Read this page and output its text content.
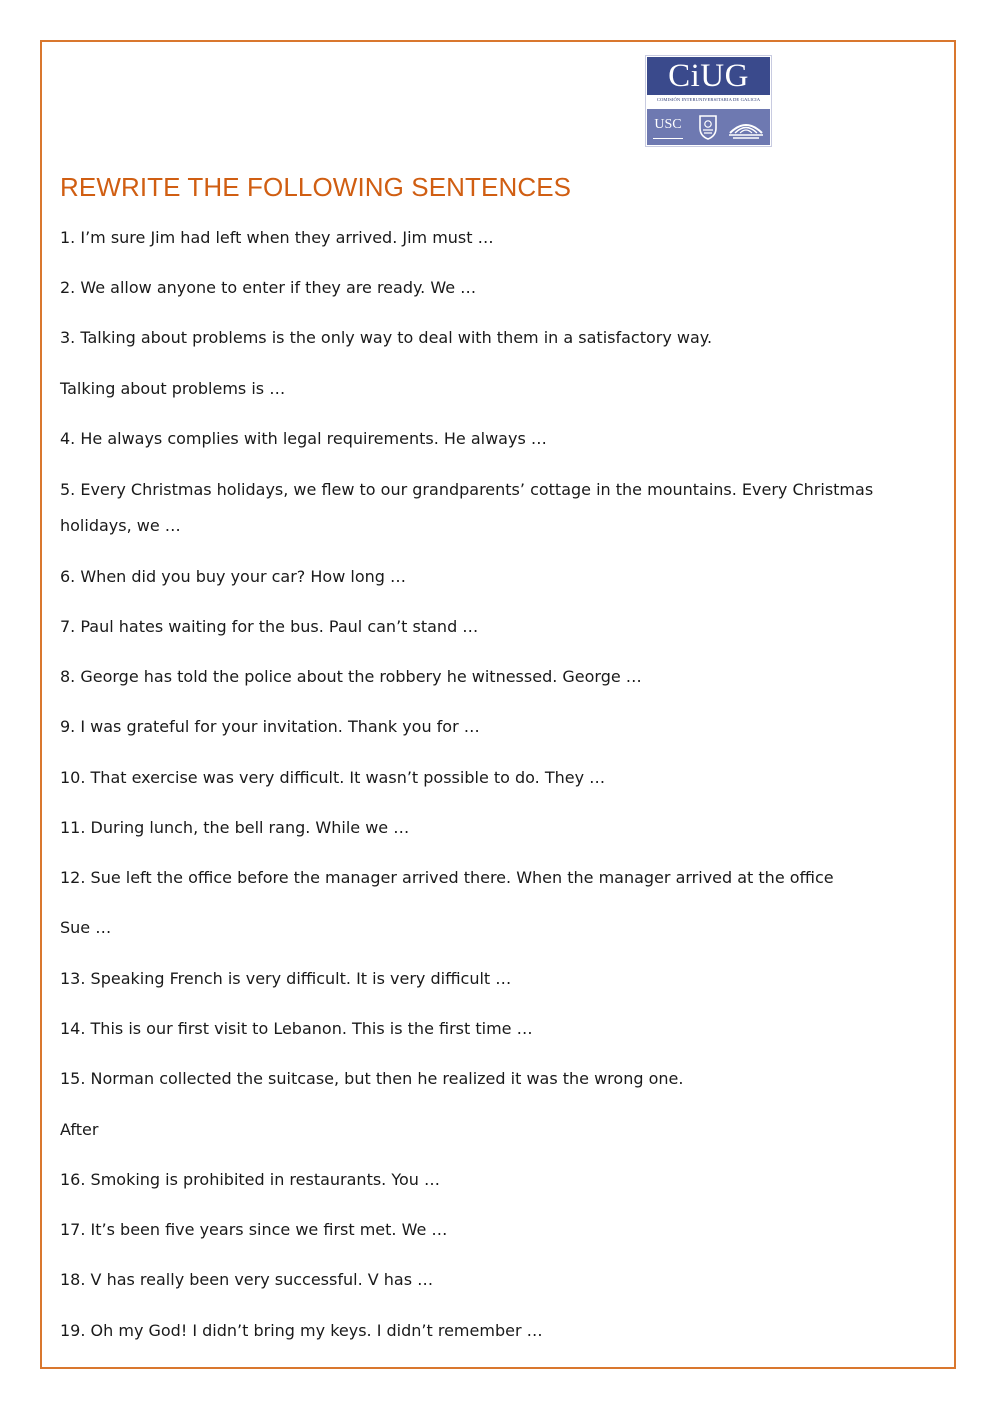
CiUG
COMISIÓN INTERUNIVERSITARIA DE GALICIA
USC
REWRITE THE FOLLOWING SENTENCES

1. I’m sure Jim had left when they arrived. Jim must …

2. We allow anyone to enter if they are ready. We …

3. Talking about problems is the only way to deal with them in a satisfactory way.

Talking about problems is …

4. He always complies with legal requirements. He always …

5. Every Christmas holidays, we flew to our grandparents’ cottage in the mountains. Every Christmas

holidays, we …

6. When did you buy your car? How long …

7. Paul hates waiting for the bus. Paul can’t stand …

8. George has told the police about the robbery he witnessed. George …

9. I was grateful for your invitation. Thank you for …

10. That exercise was very difficult. It wasn’t possible to do. They …

11. During lunch, the bell rang. While we …

12. Sue left the office before the manager arrived there. When the manager arrived at the office

Sue …

13. Speaking French is very difficult. It is very difficult …

14. This is our first visit to Lebanon. This is the first time …

15. Norman collected the suitcase, but then he realized it was the wrong one.

After

16. Smoking is prohibited in restaurants. You …

17. It’s been five years since we first met. We …

18. V has really been very successful. V has …

19. Oh my God! I didn’t bring my keys. I didn’t remember …
